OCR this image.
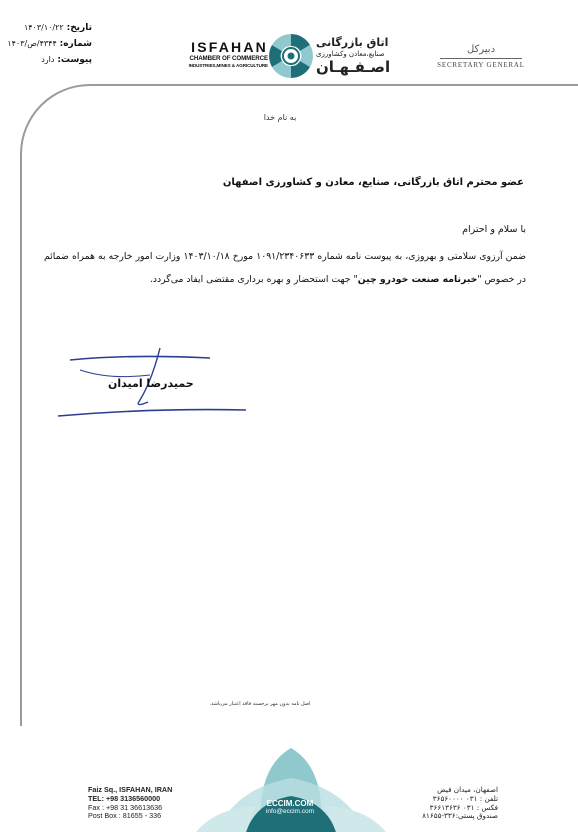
تاریخ: ۱۴۰۳/۱۰/۲۲
شماره: ۴۳۴۴/ص/۱۴۰۳
پیوست: دارد
ISFAHAN
CHAMBER OF COMMERCE
INDUSTRIES,MINES & AGRICULTURE
اتاق بازرگانی
صنایع،معادن وکشاورزی
اصـفـهـان
دبیرکل
SECRETARY GENERAL
به نام خدا
عضو محترم اتاق بازرگانی، صنایع، معادن و کشاورزی اصفهان
با سلام و احترام
ضمن آرزوی سلامتی و بهروزی، به پیوست نامه شماره ۱۰۹۱/۲۳۴۰۶۳۳ مورخ ۱۴۰۳/۱۰/۱۸ وزارت امور خارجه به همراه ضمائم در خصوص "خبرنامه صنعت خودرو چین" جهت استحضار و بهره برداری مقتضی ایفاد می‌گردد.
حمیدرضا امیدان
اصل نامه بدون مهر برجسته فاقد اعتبار می‌باشد.
ECCIM.COM
info@eccim.com
Faiz Sq., ISFAHAN, IRAN
TEL: +98 3136560000
Fax : +98 31 36613636
Post Box : 81655 - 336
اصفهان، میدان فیض
تلفن : ۰۳۱ ۳۶۵۶۰۰۰۰
فکس : ۰۳۱ ۳۶۶۱۳۶۳۶
صندوق پستی:۳۳۶-۸۱۶۵۵
